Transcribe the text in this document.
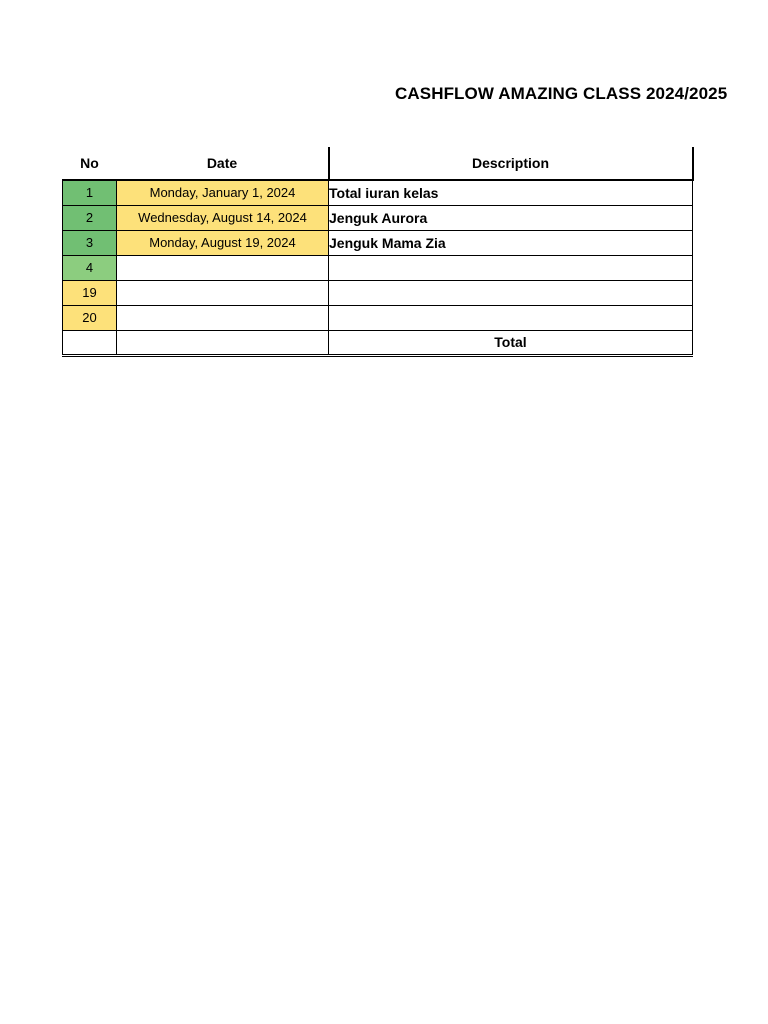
CASHFLOW AMAZING CLASS 2024/2025
No	Date	Description
1	Monday, January 1, 2024	Total iuran kelas
2	Wednesday, August 14, 2024	Jenguk Aurora
3	Monday, August 19, 2024	Jenguk Mama Zia
4		
19		
20		
		Total
